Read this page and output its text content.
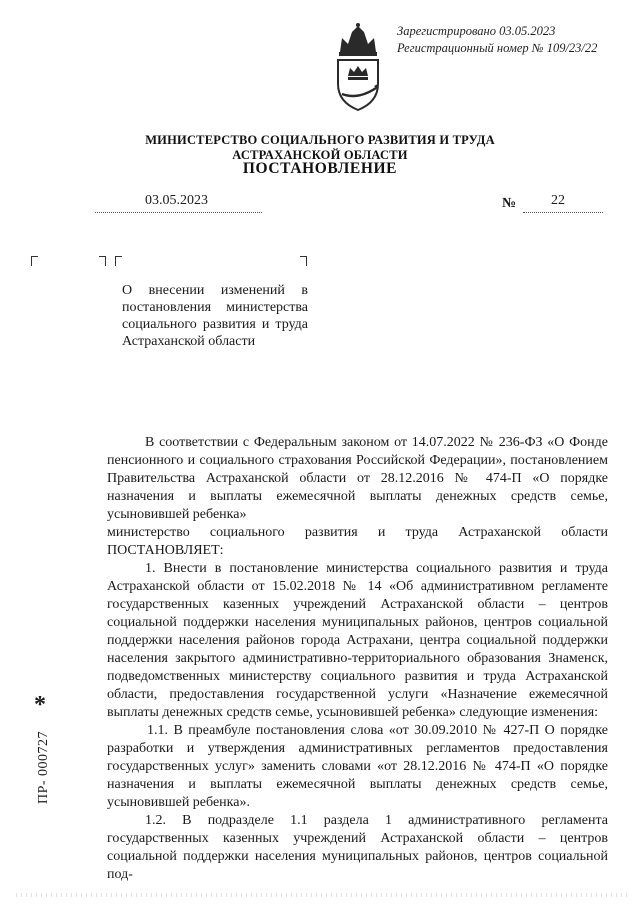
Зарегистрировано 03.05.2023
Регистрационный номер № 109/23/22
МИНИСТЕРСТВО СОЦИАЛЬНОГО РАЗВИТИЯ И ТРУДА
АСТРАХАНСКОЙ ОБЛАСТИ
ПОСТАНОВЛЕНИЕ
03.05.2023	№ 22
О внесении изменений в постановления министерства социального развития и труда Астраханской области

В соответствии с Федеральным законом от 14.07.2022 № 236-ФЗ «О Фонде пенсионного и социального страхования Российской Федерации», постановлением Правительства Астраханской области от 28.12.2016 № 474-П «О порядке назначения и выплаты ежемесячной выплаты денежных средств семье, усыновившей ребенка»

министерство социального развития и труда Астраханской области ПОСТАНОВЛЯЕТ:

1. Внести в постановление министерства социального развития и труда Астраханской области от 15.02.2018 № 14 «Об административном регламенте государственных казенных учреждений Астраханской области – центров социальной поддержки населения муниципальных районов, центров социальной поддержки населения районов города Астрахани, центра социальной поддержки населения закрытого административно-территориального образования Знаменск, подведомственных министерству социального развития и труда Астраханской области, предоставления государственной услуги «Назначение ежемесячной выплаты денежных средств семье, усыновившей ребенка» следующие изменения:

1.1. В преамбуле постановления слова «от 30.09.2010 № 427-П О порядке разработки и утверждения административных регламентов предоставления государственных услуг» заменить словами «от 28.12.2016 № 474-П «О порядке назначения и выплаты ежемесячной выплаты денежных средств семье, усыновившей ребенка».

1.2. В подразделе 1.1 раздела 1 административного регламента государственных казенных учреждений Астраханской области – центров социальной поддержки населения муниципальных районов, центров социальной под-

*
ПР- 000727
